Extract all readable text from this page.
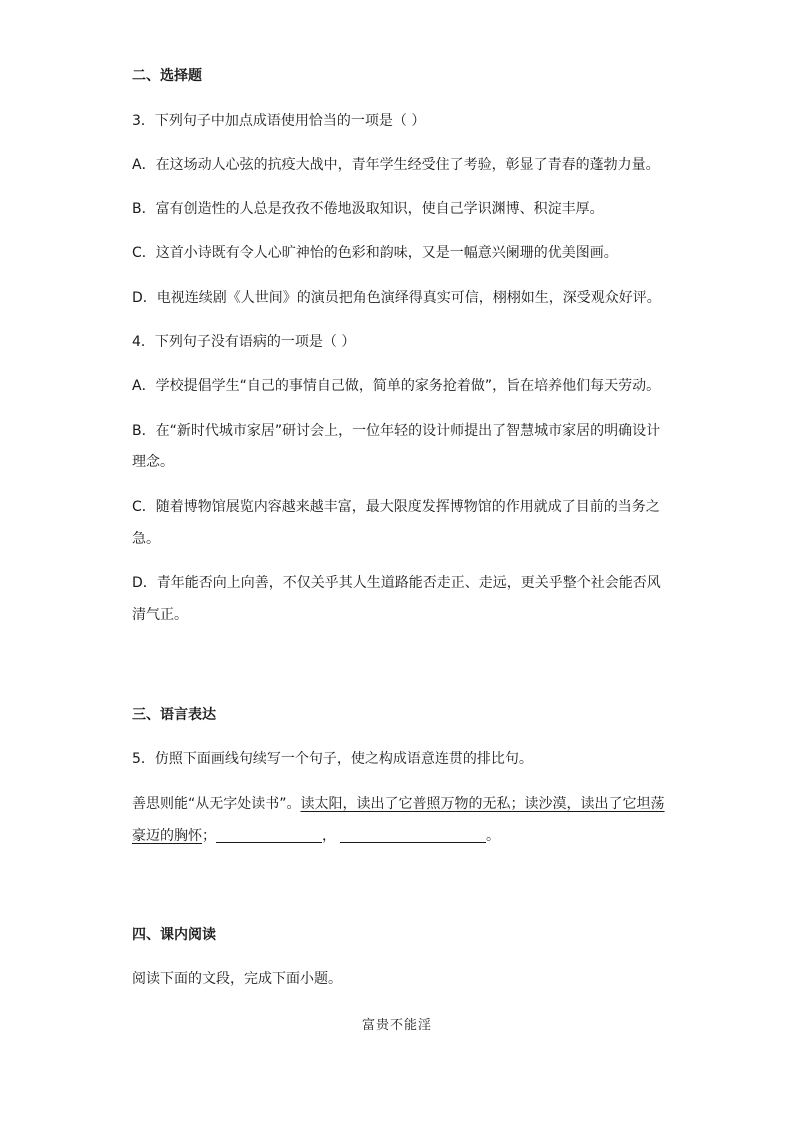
二、选择题
3．下列句子中加点成语使用恰当的一项是（ ）
A．在这场动人心弦的抗疫大战中，青年学生经受住了考验，彰显了青春的蓬勃力量。
B．富有创造性的人总是孜孜不倦地汲取知识，使自己学识渊博、积淀丰厚。
C．这首小诗既有令人心旷神怡的色彩和韵味，又是一幅意兴阑珊的优美图画。
D．电视连续剧《人世间》的演员把角色演绎得真实可信，栩栩如生，深受观众好评。
4．下列句子没有语病的一项是（ ）
A．学校提倡学生“自己的事情自己做，简单的家务抢着做”，旨在培养他们每天劳动。
B．在“新时代城市家居”研讨会上，一位年轻的设计师提出了智慧城市家居的明确设计
理念。
C．随着博物馆展览内容越来越丰富，最大限度发挥博物馆的作用就成了目前的当务之
急。
D．青年能否向上向善，不仅关乎其人生道路能否走正、走远，更关乎整个社会能否风
清气正。
三、语言表达
5．仿照下面画线句续写一个句子，使之构成语意连贯的排比句。
善思则能“从无字处读书”。读太阳，读出了它普照万物的无私；读沙漠，读出了它坦荡
豪迈的胸怀；	，	。
四、课内阅读
阅读下面的文段，完成下面小题。
富贵不能淫
